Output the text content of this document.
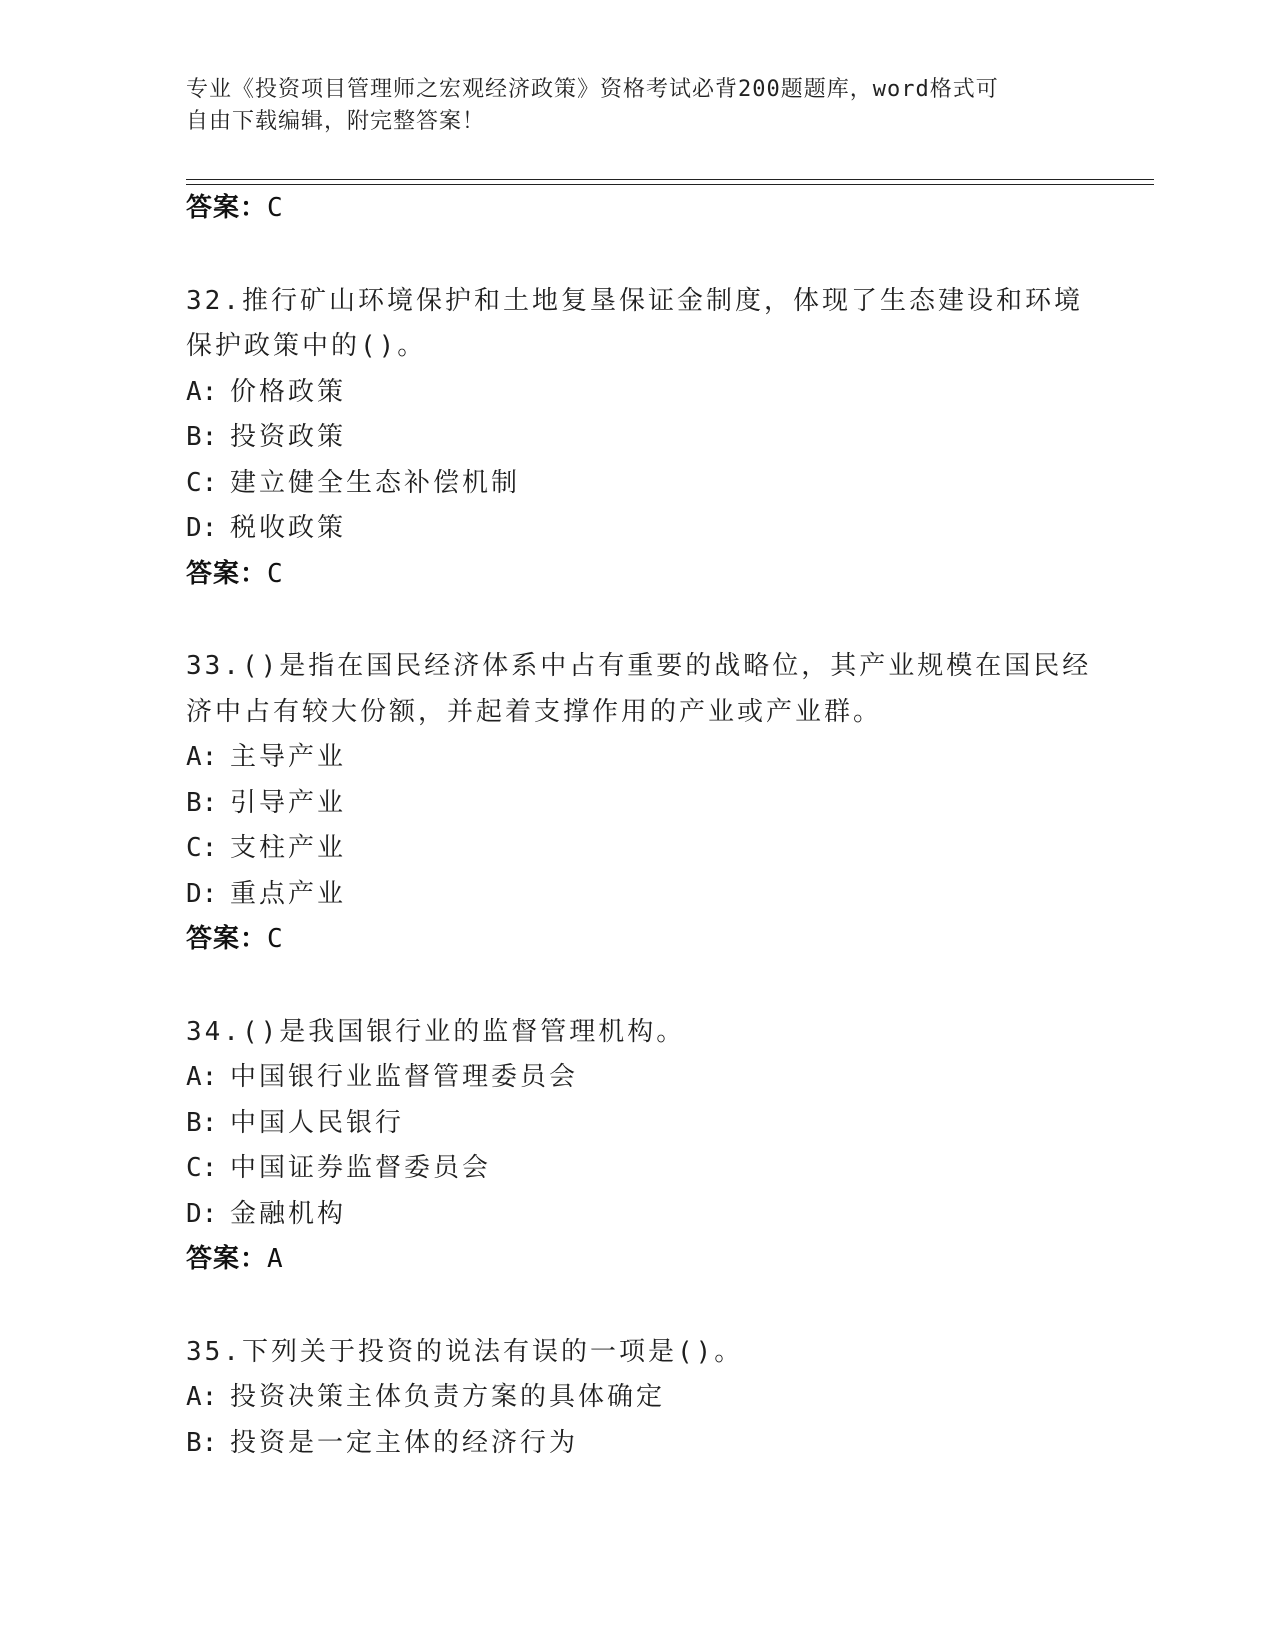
专业《投资项目管理师之宏观经济政策》资格考试必背200题题库，word格式可
自由下载编辑，附完整答案！
答案：C
32.推行矿山环境保护和土地复垦保证金制度，体现了生态建设和环境
保护政策中的()。
A: 价格政策
B: 投资政策
C: 建立健全生态补偿机制
D: 税收政策
答案：C
33.()是指在国民经济体系中占有重要的战略位，其产业规模在国民经
济中占有较大份额，并起着支撑作用的产业或产业群。
A: 主导产业
B: 引导产业
C: 支柱产业
D: 重点产业
答案：C
34.()是我国银行业的监督管理机构。
A: 中国银行业监督管理委员会
B: 中国人民银行
C: 中国证券监督委员会
D: 金融机构
答案：A
35.下列关于投资的说法有误的一项是()。
A: 投资决策主体负责方案的具体确定
B: 投资是一定主体的经济行为
